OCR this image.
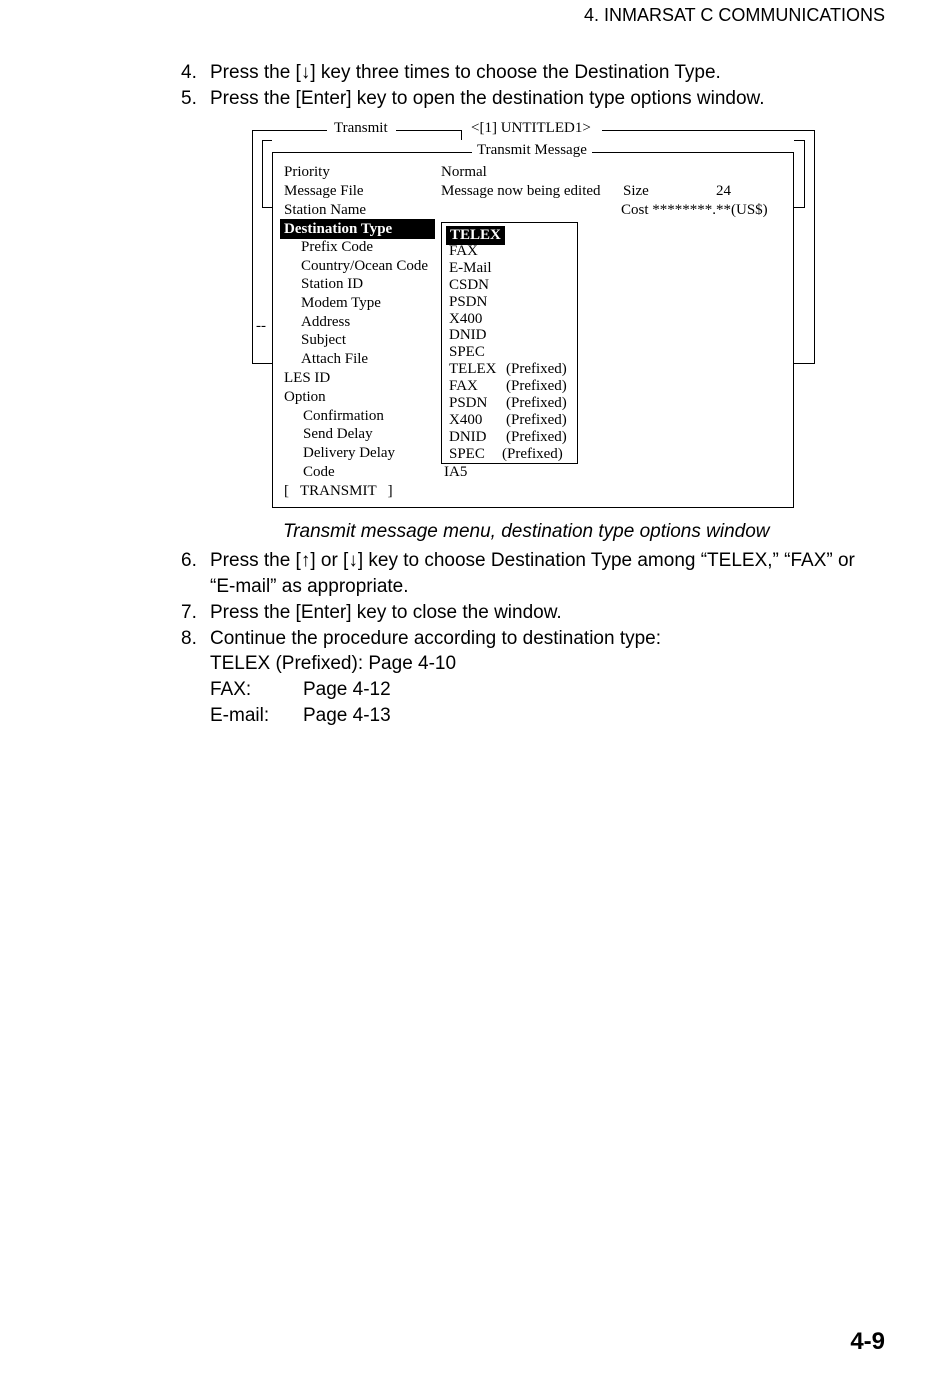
4. INMARSAT C COMMUNICATIONS
4. Press the [↓] key three times to choose the Destination Type.
5. Press the [Enter] key to open the destination type options window.
Transmit	<[1] UNTITLED1>
--
Transmit Message
Priority	Normal
Message File	Message now being edited Size	24
Station Name	Cost ********.**(US$)
Destination Type
Prefix Code
Country/Ocean Code
Station ID
Modem Type
Address
Subject
Attach File
LES ID
Option
Confirmation
Send Delay
Delivery Delay
Code	IA5
[   TRANSMIT   ]
TELEX
FAX
E-Mail
CSDN
PSDN
X400
DNID
SPEC
TELEX (Prefixed)
FAX (Prefixed)
PSDN (Prefixed)
X400 (Prefixed)
DNID (Prefixed)
SPEC (Prefixed)
Transmit message menu, destination type options window
6. Press the [↑] or [↓] key to choose Destination Type among “TELEX,” “FAX” or
“E-mail” as appropriate.
7. Press the [Enter] key to close the window.
8. Continue the procedure according to destination type:
TELEX (Prefixed): Page 4-10
FAX:	Page 4-12
E-mail: Page 4-13
4-9
